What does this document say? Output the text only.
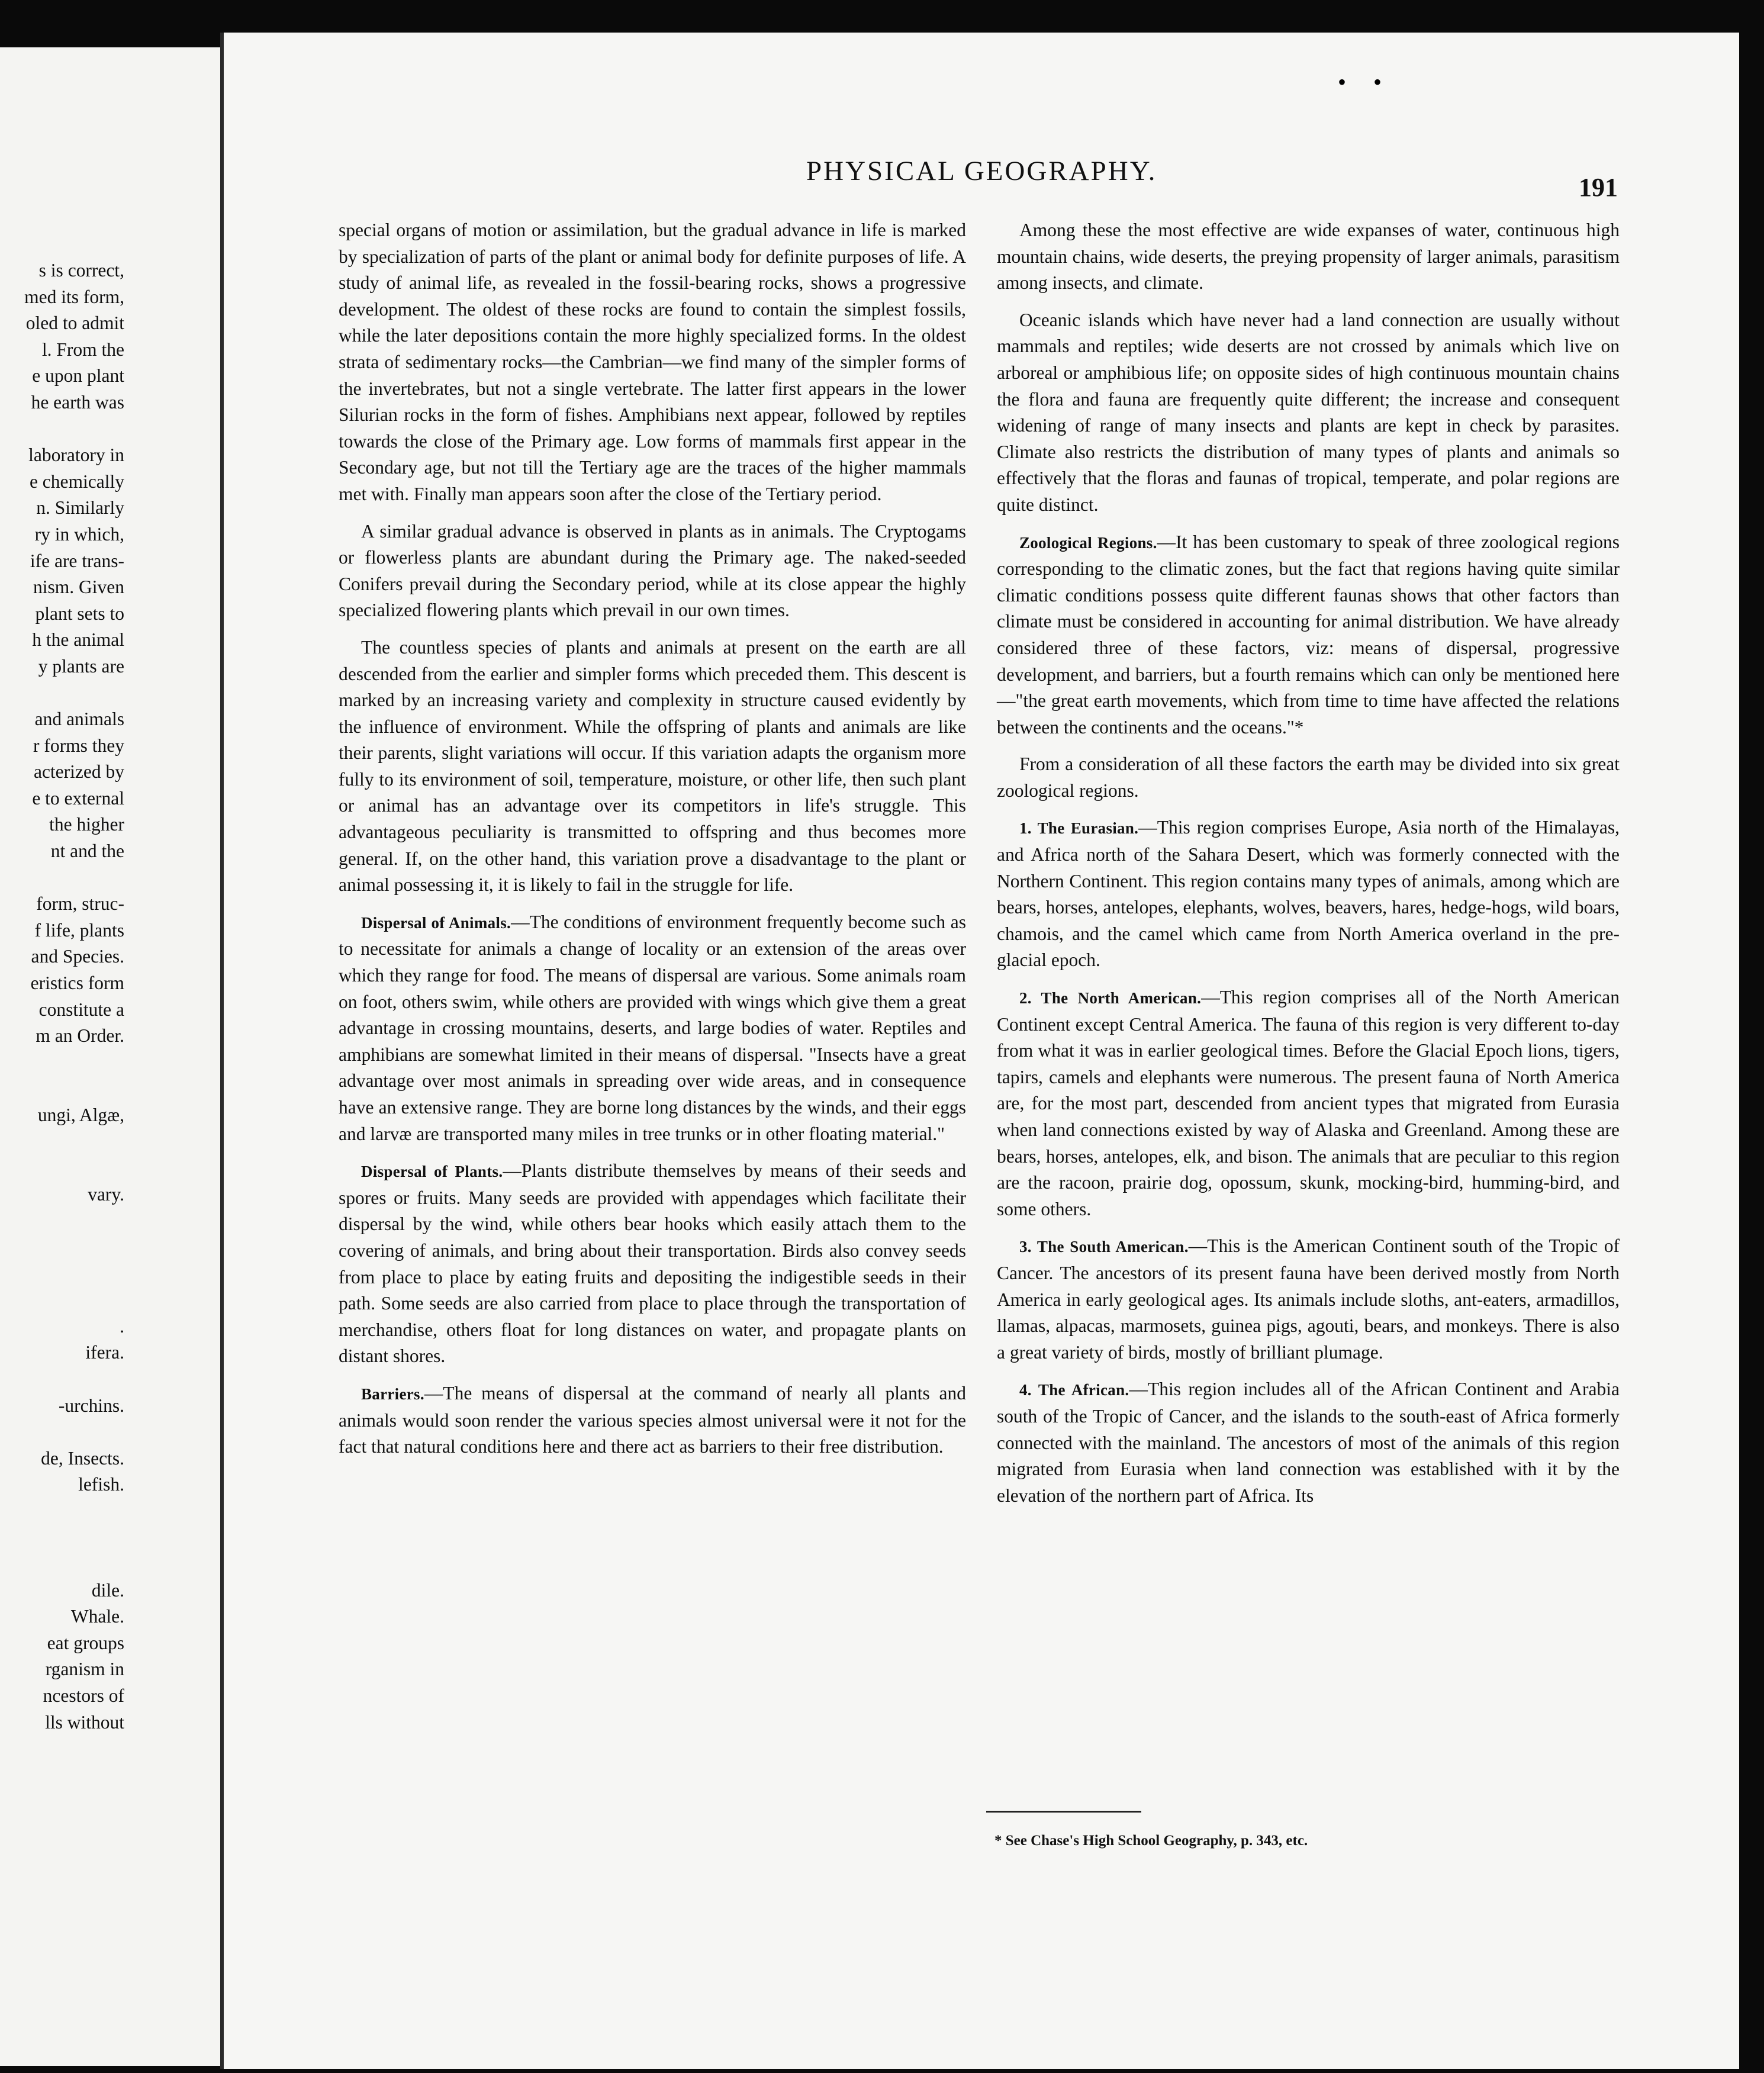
s is correct,
med its form,
oled to admit
l. From the
e upon plant
he earth was
laboratory in
e chemically
n. Similarly
ry in which,
ife are trans-
nism. Given
plant sets to
h the animal
y plants are
and animals
r forms they
acterized by
e to external
the higher
nt and the
form, struc-
f life, plants
and Species.
eristics form
constitute a
m an Order.
ungi, Algæ,
vary.
.
ifera.
-urchins.
de, Insects.
lefish.
dile.
Whale.
eat groups
rganism in
ncestors of
lls without
• •
PHYSICAL GEOGRAPHY.
191

special organs of motion or assimilation, but the gradual advance in life is marked by specialization of parts of the plant or animal body for definite purposes of life. A study of animal life, as revealed in the fossil-bearing rocks, shows a progressive development. The oldest of these rocks are found to contain the simplest fossils, while the later depositions contain the more highly specialized forms. In the oldest strata of sedimentary rocks—the Cambrian—we find many of the simpler forms of the invertebrates, but not a single vertebrate. The latter first appears in the lower Silurian rocks in the form of fishes. Amphibians next appear, followed by reptiles towards the close of the Primary age. Low forms of mammals first appear in the Secondary age, but not till the Tertiary age are the traces of the higher mammals met with. Finally man appears soon after the close of the Tertiary period.

A similar gradual advance is observed in plants as in animals. The Cryptogams or flowerless plants are abundant during the Primary age. The naked-seeded Conifers prevail during the Secondary period, while at its close appear the highly specialized flowering plants which prevail in our own times.

The countless species of plants and animals at present on the earth are all descended from the earlier and simpler forms which preceded them. This descent is marked by an increasing variety and complexity in structure caused evidently by the influence of environment. While the offspring of plants and animals are like their parents, slight variations will occur. If this variation adapts the organism more fully to its environment of soil, temperature, moisture, or other life, then such plant or animal has an advantage over its competitors in life's struggle. This advantageous peculiarity is transmitted to offspring and thus becomes more general. If, on the other hand, this variation prove a disadvantage to the plant or animal possessing it, it is likely to fail in the struggle for life.

Dispersal of Animals.—The conditions of environment frequently become such as to necessitate for animals a change of locality or an extension of the areas over which they range for food. The means of dispersal are various. Some animals roam on foot, others swim, while others are provided with wings which give them a great advantage in crossing mountains, deserts, and large bodies of water. Reptiles and amphibians are somewhat limited in their means of dispersal. "Insects have a great advantage over most animals in spreading over wide areas, and in consequence have an extensive range. They are borne long distances by the winds, and their eggs and larvæ are transported many miles in tree trunks or in other floating material."

Dispersal of Plants.—Plants distribute themselves by means of their seeds and spores or fruits. Many seeds are provided with appendages which facilitate their dispersal by the wind, while others bear hooks which easily attach them to the covering of animals, and bring about their transportation. Birds also convey seeds from place to place by eating fruits and depositing the indigestible seeds in their path. Some seeds are also carried from place to place through the transportation of merchandise, others float for long distances on water, and propagate plants on distant shores.

Barriers.—The means of dispersal at the command of nearly all plants and animals would soon render the various species almost universal were it not for the fact that natural conditions here and there act as barriers to their free distribution.

Among these the most effective are wide expanses of water, continuous high mountain chains, wide deserts, the preying propensity of larger animals, parasitism among insects, and climate.

Oceanic islands which have never had a land connection are usually without mammals and reptiles; wide deserts are not crossed by animals which live on arboreal or amphibious life; on opposite sides of high continuous mountain chains the flora and fauna are frequently quite different; the increase and consequent widening of range of many insects and plants are kept in check by parasites. Climate also restricts the distribution of many types of plants and animals so effectively that the floras and faunas of tropical, temperate, and polar regions are quite distinct.

Zoological Regions.—It has been customary to speak of three zoological regions corresponding to the climatic zones, but the fact that regions having quite similar climatic conditions possess quite different faunas shows that other factors than climate must be considered in accounting for animal distribution. We have already considered three of these factors, viz: means of dispersal, progressive development, and barriers, but a fourth remains which can only be mentioned here—"the great earth movements, which from time to time have affected the relations between the continents and the oceans."*

From a consideration of all these factors the earth may be divided into six great zoological regions.

1. The Eurasian.—This region comprises Europe, Asia north of the Himalayas, and Africa north of the Sahara Desert, which was formerly connected with the Northern Continent. This region contains many types of animals, among which are bears, horses, antelopes, elephants, wolves, beavers, hares, hedge-hogs, wild boars, chamois, and the camel which came from North America overland in the pre-glacial epoch.

2. The North American.—This region comprises all of the North American Continent except Central America. The fauna of this region is very different to-day from what it was in earlier geological times. Before the Glacial Epoch lions, tigers, tapirs, camels and elephants were numerous. The present fauna of North America are, for the most part, descended from ancient types that migrated from Eurasia when land connections existed by way of Alaska and Greenland. Among these are bears, horses, antelopes, elk, and bison. The animals that are peculiar to this region are the racoon, prairie dog, opossum, skunk, mocking-bird, humming-bird, and some others.

3. The South American.—This is the American Continent south of the Tropic of Cancer. The ancestors of its present fauna have been derived mostly from North America in early geological ages. Its animals include sloths, ant-eaters, armadillos, llamas, alpacas, marmosets, guinea pigs, agouti, bears, and monkeys. There is also a great variety of birds, mostly of brilliant plumage.

4. The African.—This region includes all of the African Continent and Arabia south of the Tropic of Cancer, and the islands to the south-east of Africa formerly connected with the mainland. The ancestors of most of the animals of this region migrated from Eurasia when land connection was established with it by the elevation of the northern part of Africa. Its

* See Chase's High School Geography, p. 343, etc.
